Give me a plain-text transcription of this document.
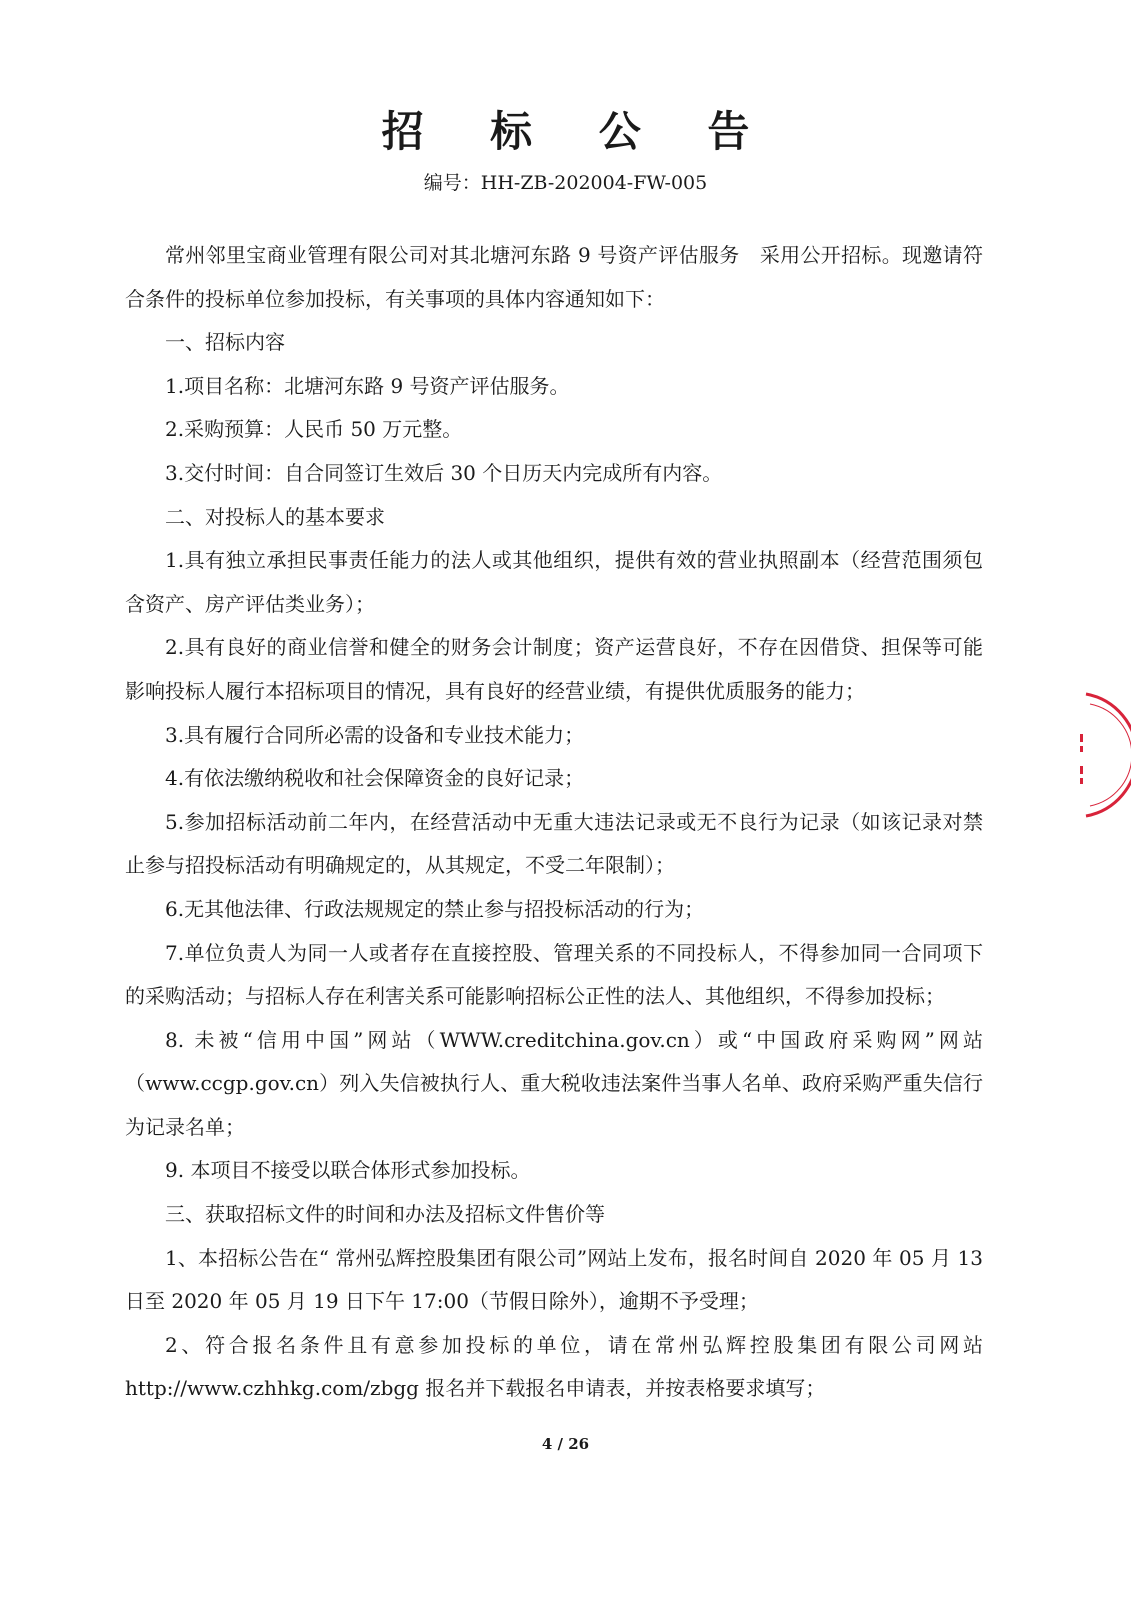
招 标 公 告
编号：HH-ZB-202004-FW-005

常州邻里宝商业管理有限公司对其北塘河东路 9 号资产评估服务　采用公开招标。现邀请符合条件的投标单位参加投标，有关事项的具体内容通知如下：

一、招标内容

1.项目名称：北塘河东路 9 号资产评估服务。

2.采购预算：人民币 50 万元整。

3.交付时间：自合同签订生效后 30 个日历天内完成所有内容。

二、对投标人的基本要求

1.具有独立承担民事责任能力的法人或其他组织，提供有效的营业执照副本（经营范围须包含资产、房产评估类业务）；

2.具有良好的商业信誉和健全的财务会计制度；资产运营良好，不存在因借贷、担保等可能影响投标人履行本招标项目的情况，具有良好的经营业绩，有提供优质服务的能力；

3.具有履行合同所必需的设备和专业技术能力；

4.有依法缴纳税收和社会保障资金的良好记录；

5.参加招标活动前二年内，在经营活动中无重大违法记录或无不良行为记录（如该记录对禁止参与招投标活动有明确规定的，从其规定，不受二年限制）；

6.无其他法律、行政法规规定的禁止参与招投标活动的行为；

7.单位负责人为同一人或者存在直接控股、管理关系的不同投标人，不得参加同一合同项下的采购活动；与招标人存在利害关系可能影响招标公正性的法人、其他组织，不得参加投标；

8. 未被“信用中国”网站（WWW.creditchina.gov.cn）或“中国政府采购网”网站（www.ccgp.gov.cn）列入失信被执行人、重大税收违法案件当事人名单、政府采购严重失信行为记录名单；

9. 本项目不接受以联合体形式参加投标。

三、获取招标文件的时间和办法及招标文件售价等

1、本招标公告在“ 常州弘辉控股集团有限公司”网站上发布，报名时间自 2020 年 05 月 13 日至 2020 年 05 月 19 日下午 17:00（节假日除外），逾期不予受理；

2、符合报名条件且有意参加投标的单位，请在常州弘辉控股集团有限公司网站 http://www.czhhkg.com/zbgg 报名并下载报名申请表，并按表格要求填写；

4 / 26
